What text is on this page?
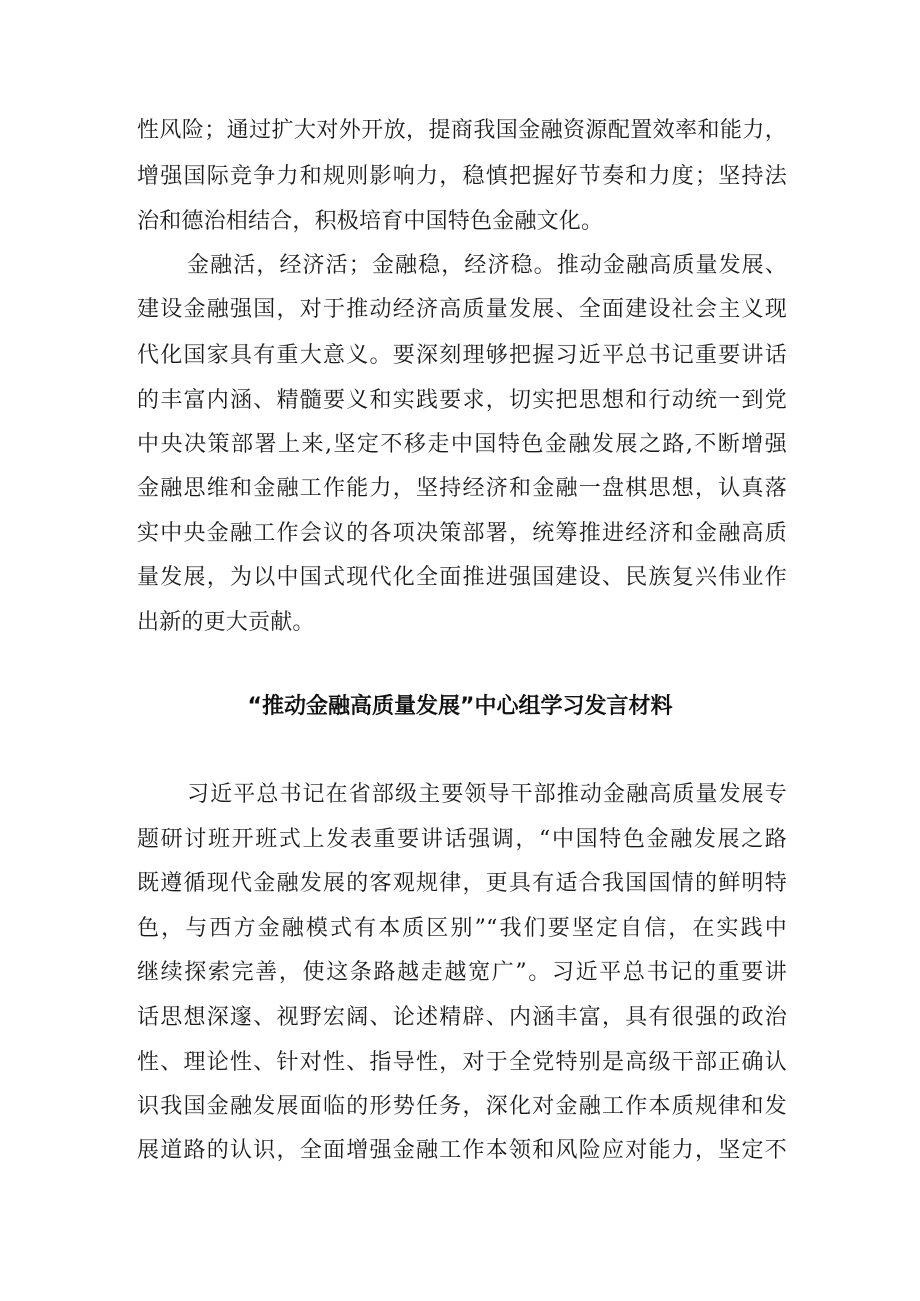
性风险；通过扩大对外开放，提商我国金融资源配置效率和能力，
增强国际竞争力和规则影响力，稳慎把握好节奏和力度；坚持法
治和德治相结合，积极培育中国特色金融文化。
金融活，经济活；金融稳，经济稳。推动金融高质量发展、
建设金融强国，对于推动经济高质量发展、全面建设社会主义现
代化国家具有重大意义。要深刻理够把握习近平总书记重要讲话
的丰富内涵、精髓要义和实践要求，切实把思想和行动统一到党
中央决策部署上来,坚定不移走中国特色金融发展之路,不断增强
金融思维和金融工作能力，坚持经济和金融一盘棋思想，认真落
实中央金融工作会议的各项决策部署，统筹推进经济和金融高质
量发展，为以中国式现代化全面推进强国建设、民族复兴伟业作
出新的更大贡献。
“推动金融高质量发展”中心组学习发言材料
习近平总书记在省部级主要领导干部推动金融高质量发展专
题研讨班开班式上发表重要讲话强调，“中国特色金融发展之路
既遵循现代金融发展的客观规律，更具有适合我国国情的鲜明特
色，与西方金融模式有本质区别”“我们要坚定自信，在实践中
继续探索完善，使这条路越走越宽广”。习近平总书记的重要讲
话思想深邃、视野宏阔、论述精辟、内涵丰富，具有很强的政治
性、理论性、针对性、指导性，对于全党特别是高级干部正确认
识我国金融发展面临的形势任务，深化对金融工作本质规律和发
展道路的认识，全面增强金融工作本领和风险应对能力，坚定不
